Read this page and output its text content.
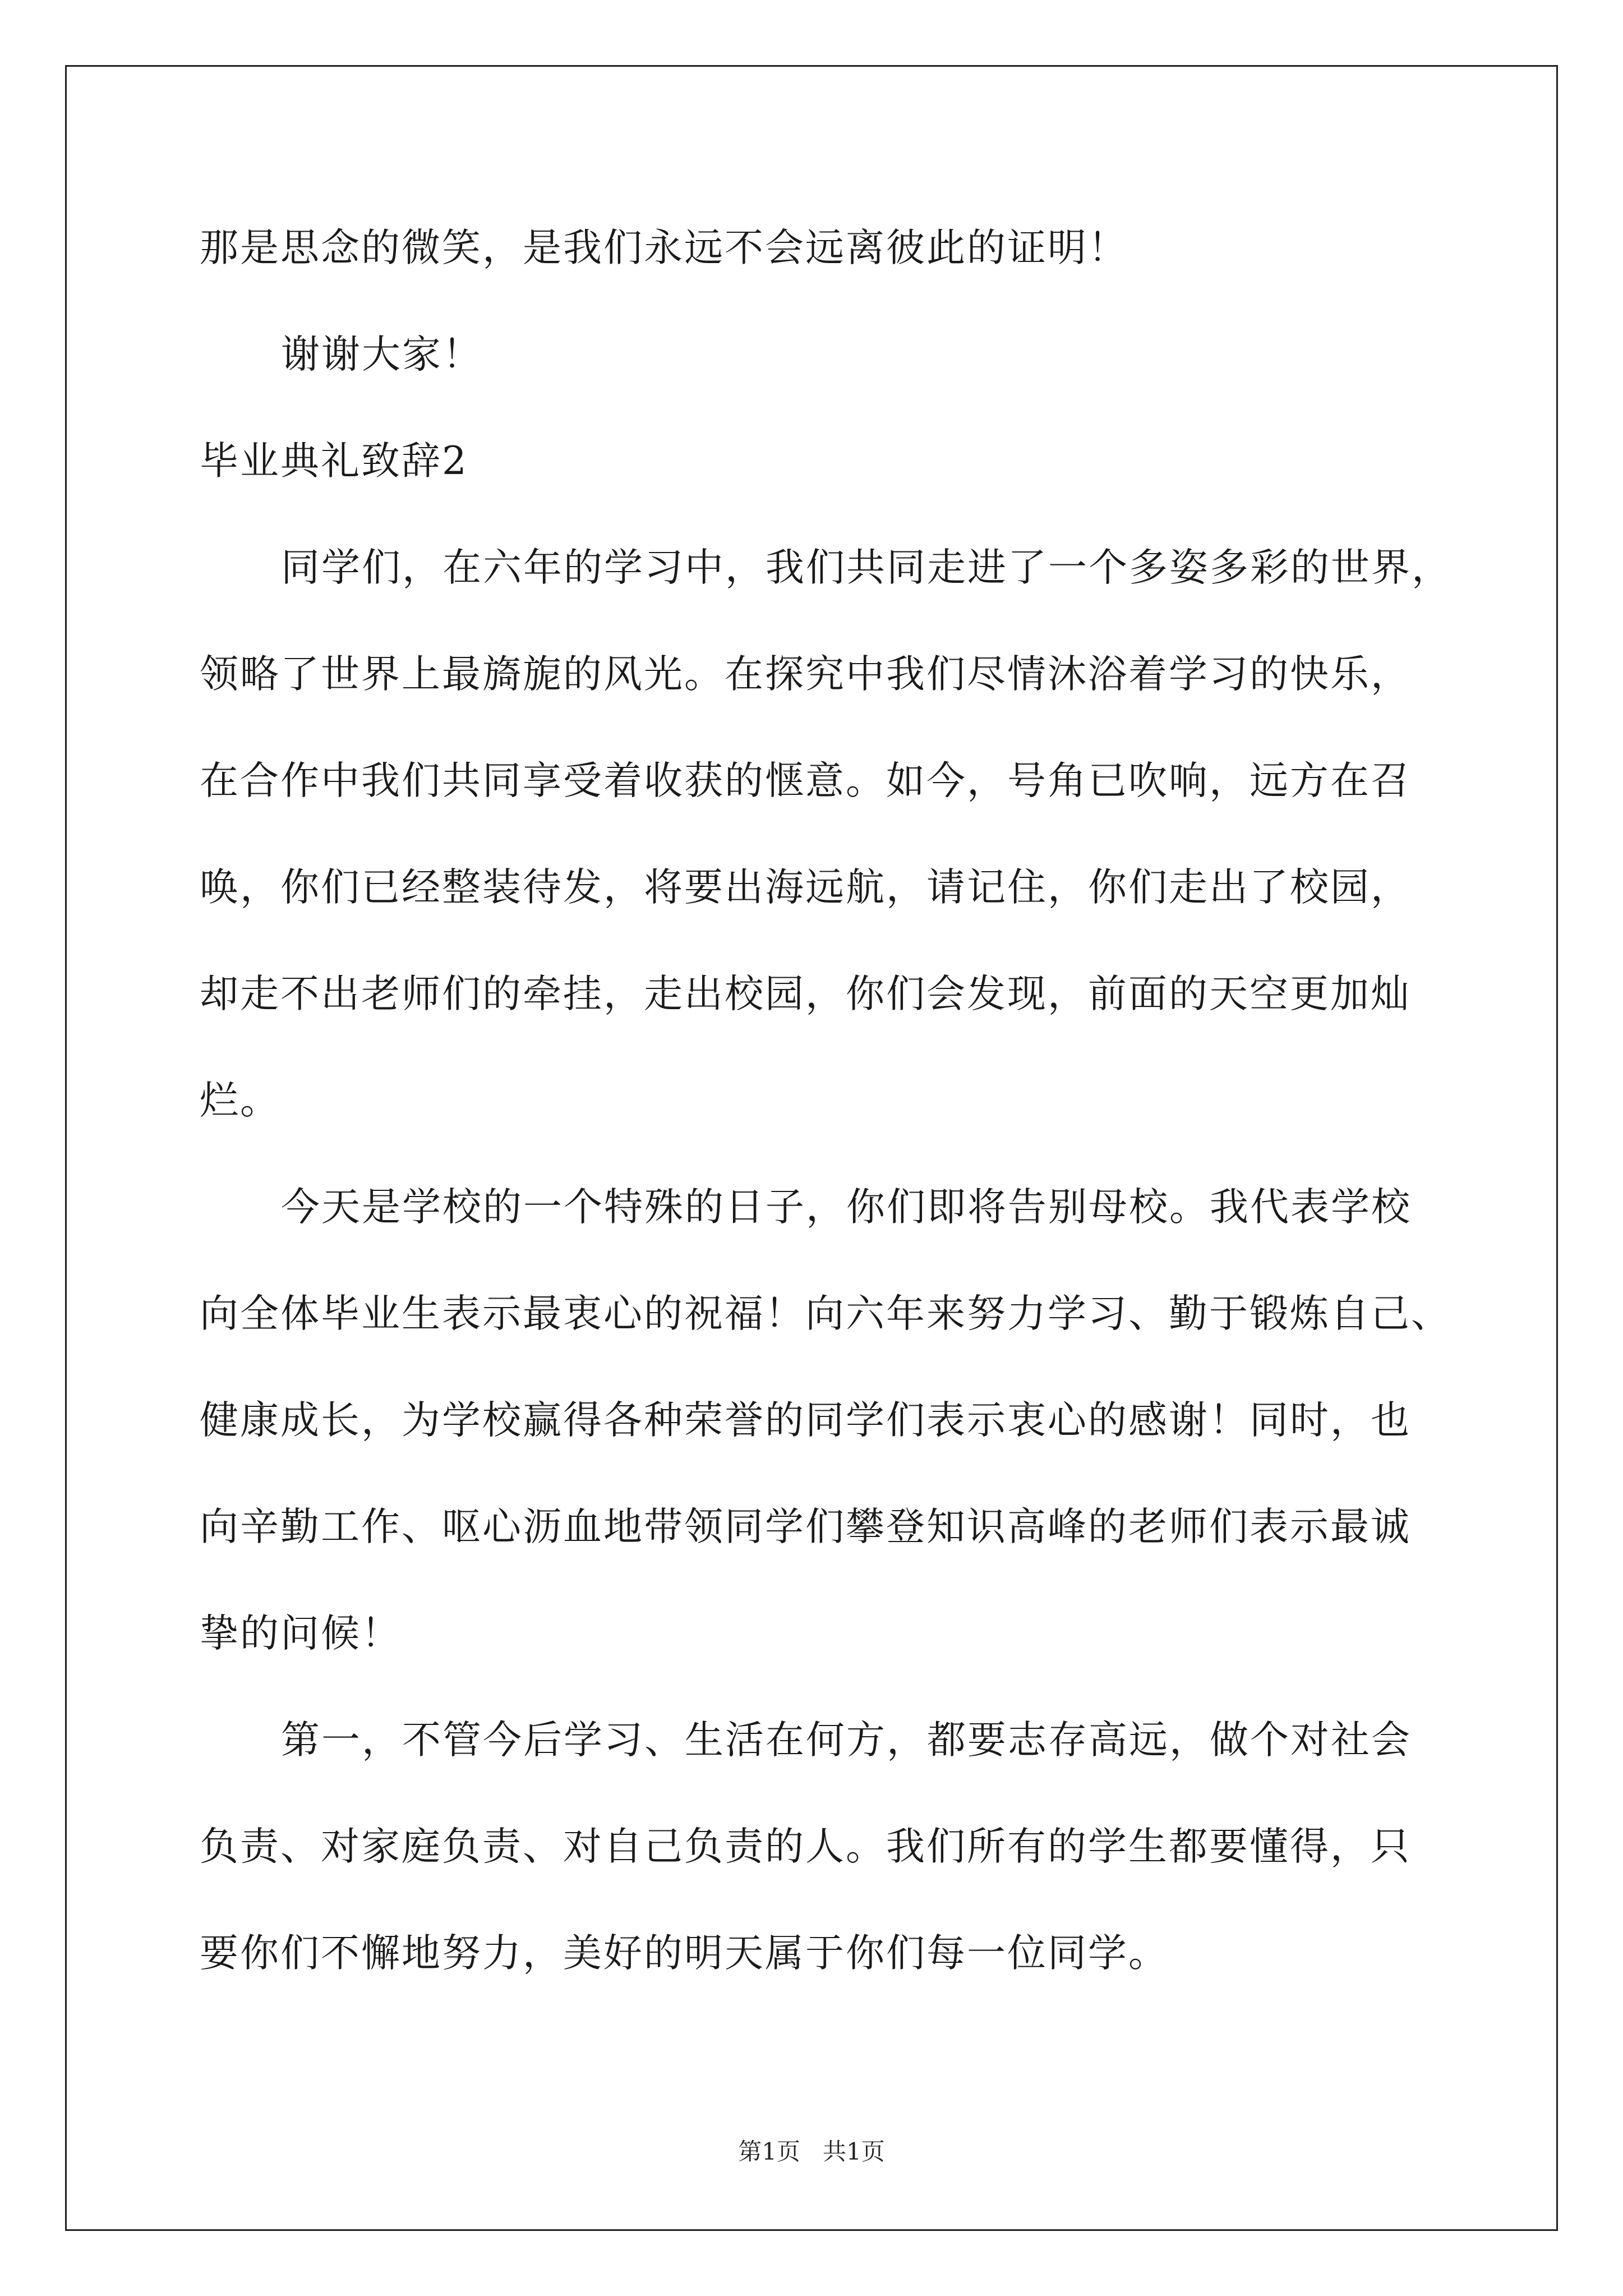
那是思念的微笑，是我们永远不会远离彼此的证明！
谢谢大家！
毕业典礼致辞2
同学们，在六年的学习中，我们共同走进了一个多姿多彩的世界，
领略了世界上最旖旎的风光。在探究中我们尽情沐浴着学习的快乐，
在合作中我们共同享受着收获的惬意。如今，号角已吹响，远方在召
唤，你们已经整装待发，将要出海远航，请记住，你们走出了校园，
却走不出老师们的牵挂，走出校园，你们会发现，前面的天空更加灿
烂。
今天是学校的一个特殊的日子，你们即将告别母校。我代表学校
向全体毕业生表示最衷心的祝福！向六年来努力学习、勤于锻炼自己、
健康成长，为学校赢得各种荣誉的同学们表示衷心的感谢！同时，也
向辛勤工作、呕心沥血地带领同学们攀登知识高峰的老师们表示最诚
挚的问候！
第一，不管今后学习、生活在何方，都要志存高远，做个对社会
负责、对家庭负责、对自己负责的人。我们所有的学生都要懂得，只
要你们不懈地努力，美好的明天属于你们每一位同学。
第1页   共1页
